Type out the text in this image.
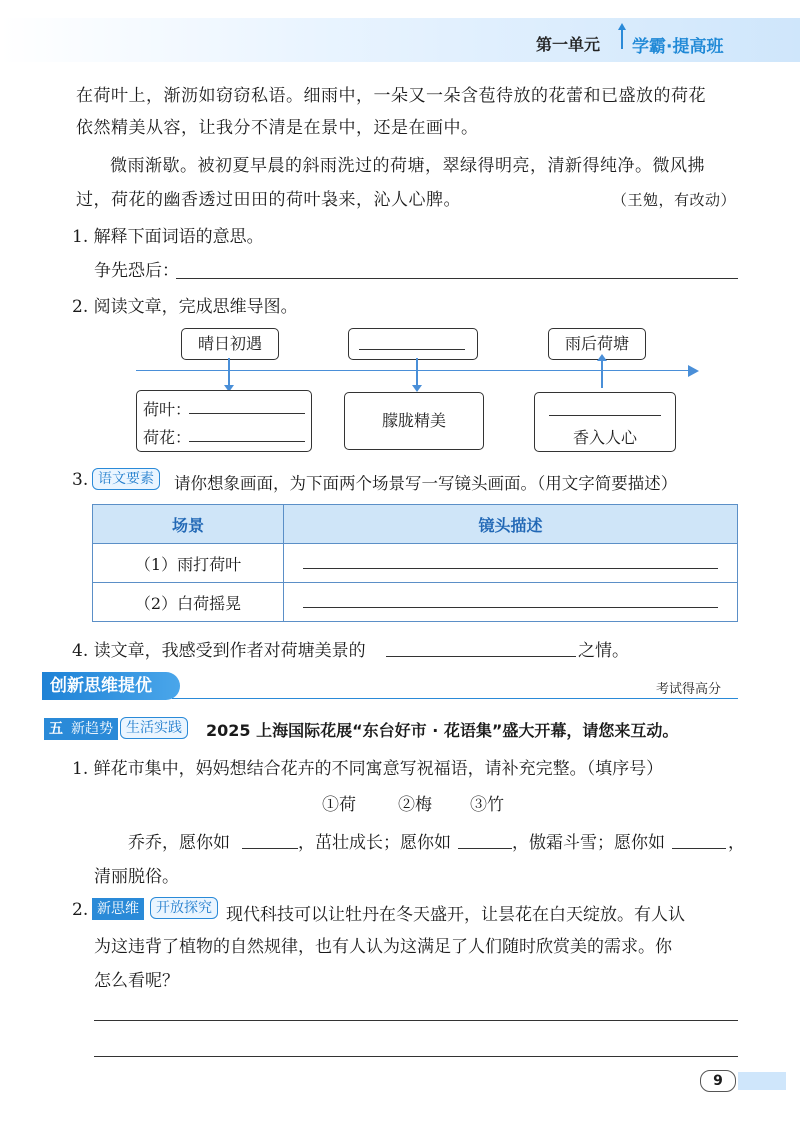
第一单元 学霸·提高班
在荷叶上，渐沥如窃窃私语。细雨中，一朵又一朵含苞待放的花蕾和已盛放的荷花
依然精美从容，让我分不清是在景中，还是在画中。
微雨渐歇。被初夏早晨的斜雨洗过的荷塘，翠绿得明亮，清新得纯净。微风拂
过，荷花的幽香透过田田的荷叶袅来，沁人心脾。	（王勉，有改动）
1. 解释下面词语的意思。
争先恐后：
2. 阅读文章，完成思维导图。
晴日初遇	雨后荷塘
荷叶：
荷花：
朦胧精美
香入人心
3. 语文要素	请你想象画面，为下面两个场景写一写镜头画面。（用文字简要描述）
场景	镜头描述
（1）雨打荷叶	

（2）白荷摇晃	
4. 读文章，我感受到作者对荷塘美景的	之情。
创新思维提优	考试得高分
五 新趋势 生活实践	2025 上海国际花展“东台好市 · 花语集”盛大开幕，请您来互动。
1. 鲜花市集中，妈妈想结合花卉的不同寓意写祝福语，请补充完整。（填序号）
①荷 ②梅 ③竹
乔乔，愿你如	，茁壮成长；愿你如	，傲霜斗雪；愿你如	，
清丽脱俗。
2. 新思维	开放探究 现代科技可以让牡丹在冬天盛开，让昙花在白天绽放。有人认
为这违背了植物的自然规律，也有人认为这满足了人们随时欣赏美的需求。你
怎么看呢？
9
